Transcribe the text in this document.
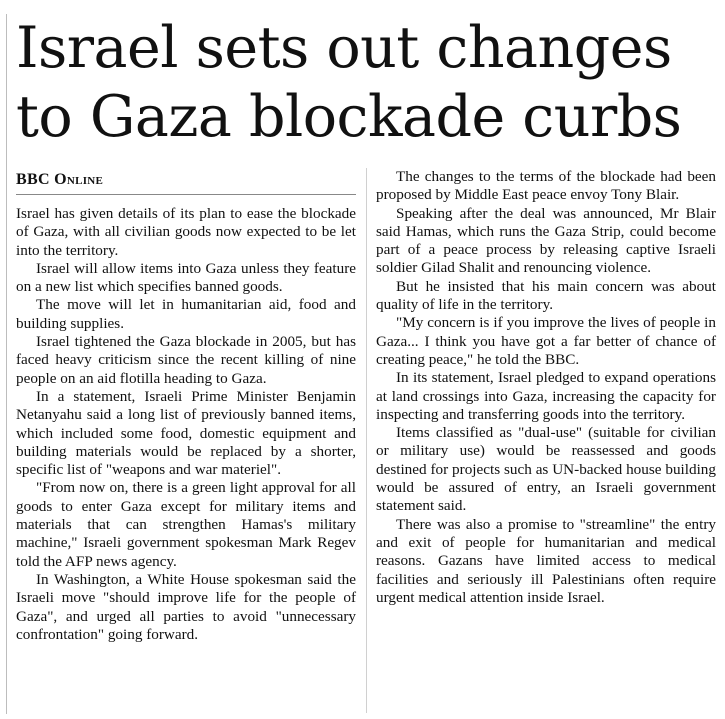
Israel sets out changes
to Gaza blockade curbs
BBC Online

Israel has given details of its plan to ease the blockade of Gaza, with all civilian goods now expected to be let into the territory.

Israel will allow items into Gaza unless they feature on a new list which specifies banned goods.

The move will let in humanitarian aid, food and building supplies.

Israel tightened the Gaza blockade in 2005, but has faced heavy criticism since the recent killing of nine people on an aid flotilla heading to Gaza.

In a statement, Israeli Prime Minister Benjamin Netanyahu said a long list of previously banned items, which included some food, domestic equipment and building materials would be replaced by a shorter, specific list of "weapons and war materiel".

"From now on, there is a green light approval for all goods to enter Gaza except for military items and materials that can strengthen Hamas's military machine," Israeli government spokesman Mark Regev told the AFP news agency.

In Washington, a White House spokesman said the Israeli move "should improve life for the people of Gaza", and urged all parties to avoid "unnecessary confrontation" going forward.

The changes to the terms of the blockade had been proposed by Middle East peace envoy Tony Blair.

Speaking after the deal was announced, Mr Blair said Hamas, which runs the Gaza Strip, could become part of a peace process by releasing captive Israeli soldier Gilad Shalit and renouncing violence.

But he insisted that his main concern was about quality of life in the territory.

"My concern is if you improve the lives of people in Gaza... I think you have got a far better of chance of creating peace," he told the BBC.

In its statement, Israel pledged to expand operations at land crossings into Gaza, increasing the capacity for inspecting and transferring goods into the territory.

Items classified as "dual-use" (suitable for civilian or military use) would be reassessed and goods destined for projects such as UN-backed house building would be assured of entry, an Israeli government statement said.

There was also a promise to "streamline" the entry and exit of people for humanitarian and medical reasons. Gazans have limited access to medical facilities and seriously ill Palestinians often require urgent medical attention inside Israel.
